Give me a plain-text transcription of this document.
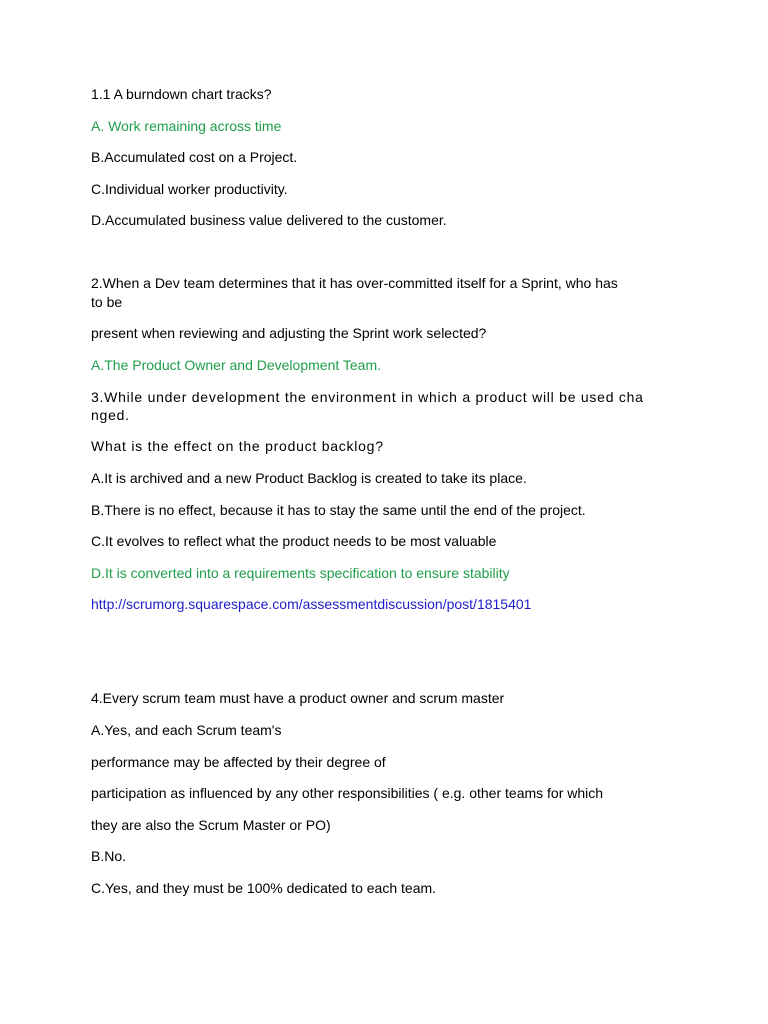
1.1 A burndown chart tracks?

A. Work remaining across time

B.Accumulated cost on a Project.

C.Individual worker productivity.

D.Accumulated business value delivered to the customer.

2.When a Dev team determines that it has over-committed itself for a Sprint, who has

to be

present when reviewing and adjusting the Sprint work selected?

A.The Product Owner and Development Team.

3.While under development the environment in which a product will be used cha

nged.

What is the effect on the product backlog?

A.It is archived and a new Product Backlog is created to take its place.

B.There is no effect, because it has to stay the same until the end of the project.

C.It evolves to reflect what the product needs to be most valuable

D.It is converted into a requirements specification to ensure stability

http://scrumorg.squarespace.com/assessmentdiscussion/post/1815401

4.Every scrum team must have a product owner and scrum master

A.Yes, and each Scrum team's

performance may be affected by their degree of

participation as influenced by any other responsibilities ( e.g. other teams for which

they are also the Scrum Master or PO)

B.No.

C.Yes, and they must be 100% dedicated to each team.
